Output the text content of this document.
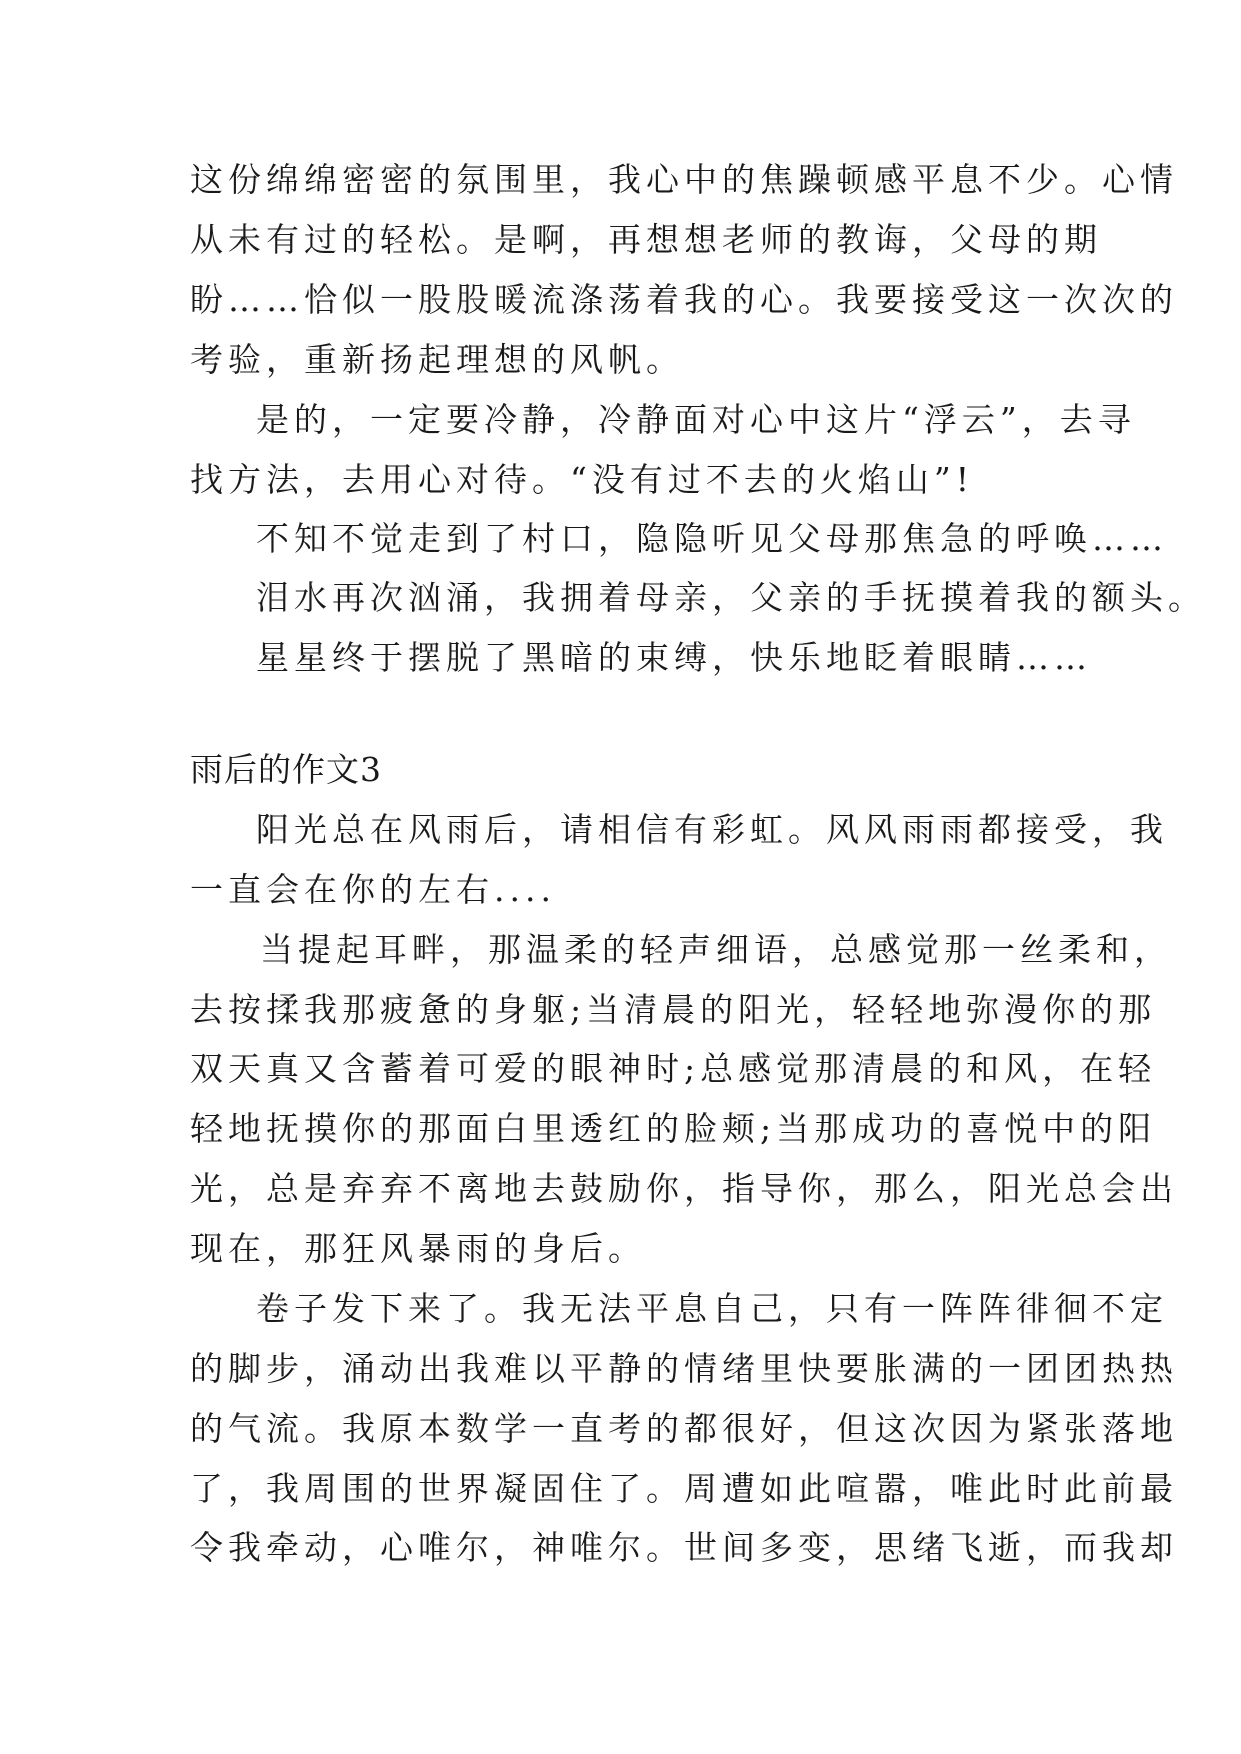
这份绵绵密密的氛围里，我心中的焦躁顿感平息不少。心情
从未有过的轻松。是啊，再想想老师的教诲，父母的期
盼……恰似一股股暖流涤荡着我的心。我要接受这一次次的
考验，重新扬起理想的风帆。
是的，一定要冷静，冷静面对心中这片“浮云”，去寻
找方法，去用心对待。“没有过不去的火焰山”!
不知不觉走到了村口，隐隐听见父母那焦急的呼唤……
泪水再次汹涌，我拥着母亲，父亲的手抚摸着我的额头。
星星终于摆脱了黑暗的束缚，快乐地眨着眼睛……
雨后的作文3
阳光总在风雨后，请相信有彩虹。风风雨雨都接受，我
一直会在你的左右....
当提起耳畔，那温柔的轻声细语，总感觉那一丝柔和，
去按揉我那疲惫的身躯;当清晨的阳光，轻轻地弥漫你的那
双天真又含蓄着可爱的眼神时;总感觉那清晨的和风，在轻
轻地抚摸你的那面白里透红的脸颊;当那成功的喜悦中的阳
光，总是弃弃不离地去鼓励你，指导你，那么，阳光总会出
现在，那狂风暴雨的身后。
卷子发下来了。我无法平息自己，只有一阵阵徘徊不定
的脚步，涌动出我难以平静的情绪里快要胀满的一团团热热
的气流。我原本数学一直考的都很好，但这次因为紧张落地
了，我周围的世界凝固住了。周遭如此喧嚣，唯此时此前最
令我牵动，心唯尔，神唯尔。世间多变，思绪飞逝，而我却
